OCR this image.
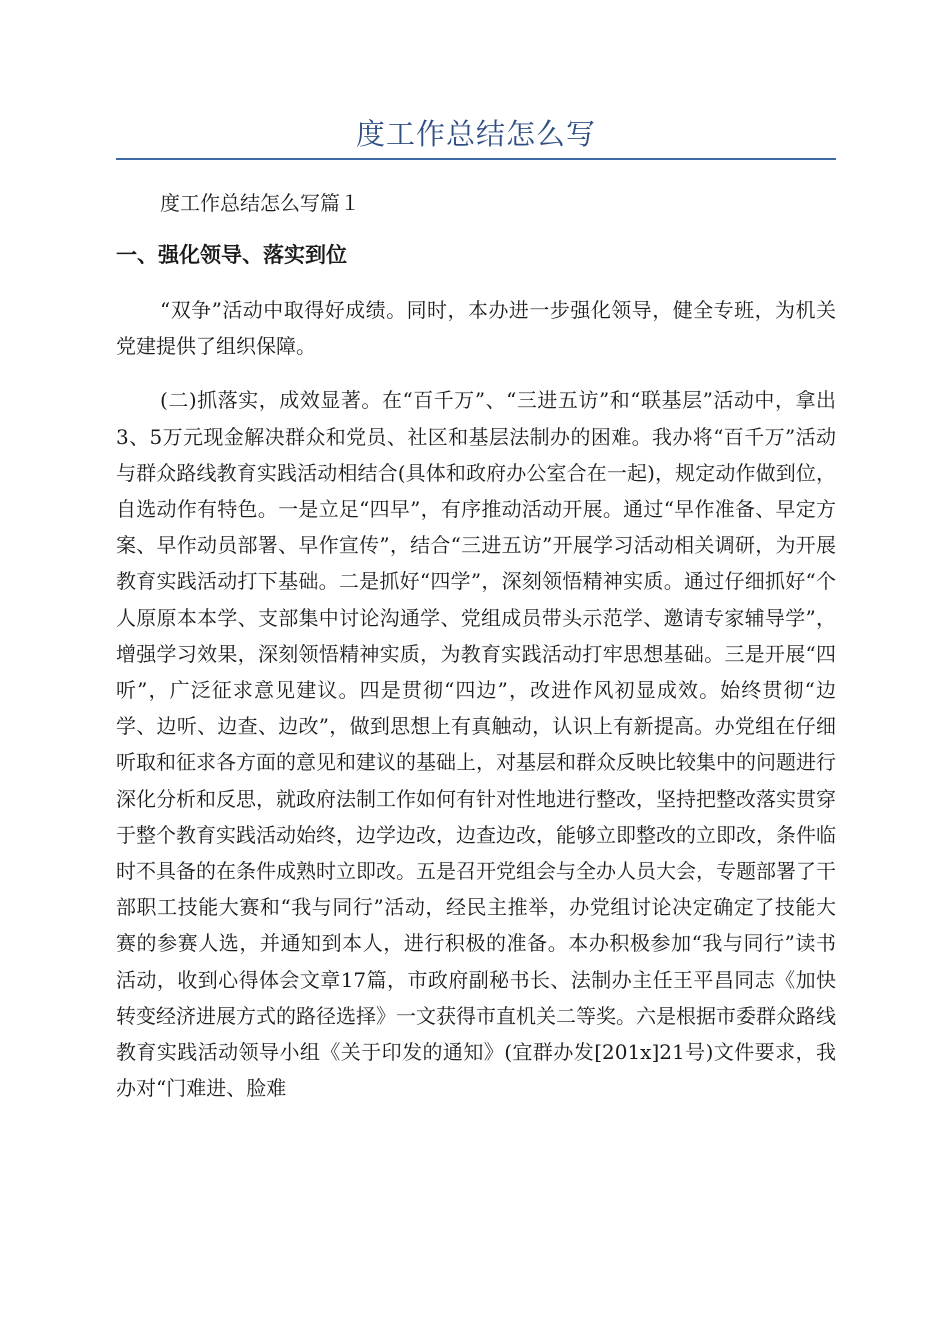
度工作总结怎么写
度工作总结怎么写篇１
一、强化领导、落实到位

“双争”活动中取得好成绩。同时，本办进一步强化领导，健全专班，为机关党建提供了组织保障。

(二)抓落实，成效显著。在“百千万”、“三进五访”和“联基层”活动中，拿出3、5万元现金解决群众和党员、社区和基层法制办的困难。我办将“百千万”活动与群众路线教育实践活动相结合(具体和政府办公室合在一起)，规定动作做到位，自选动作有特色。一是立足“四早”，有序推动活动开展。通过“早作准备、早定方案、早作动员部署、早作宣传”，结合“三进五访”开展学习活动相关调研，为开展教育实践活动打下基础。二是抓好“四学”，深刻领悟精神实质。通过仔细抓好“个人原原本本学、支部集中讨论沟通学、党组成员带头示范学、邀请专家辅导学”，增强学习效果，深刻领悟精神实质，为教育实践活动打牢思想基础。三是开展“四听”，广泛征求意见建议。四是贯彻“四边”，改进作风初显成效。始终贯彻“边学、边听、边查、边改”，做到思想上有真触动，认识上有新提高。办党组在仔细听取和征求各方面的意见和建议的基础上，对基层和群众反映比较集中的问题进行深化分析和反思，就政府法制工作如何有针对性地进行整改，坚持把整改落实贯穿于整个教育实践活动始终，边学边改，边查边改，能够立即整改的立即改，条件临时不具备的在条件成熟时立即改。五是召开党组会与全办人员大会，专题部署了干部职工技能大赛和“我与同行”活动，经民主推举，办党组讨论决定确定了技能大赛的参赛人选，并通知到本人，进行积极的准备。本办积极参加“我与同行”读书活动，收到心得体会文章17篇，市政府副秘书长、法制办主任王平昌同志《加快转变经济进展方式的路径选择》一文获得市直机关二等奖。六是根据市委群众路线教育实践活动领导小组《关于印发的通知》(宜群办发[201x]21号)文件要求，我办对“门难进、脸难
